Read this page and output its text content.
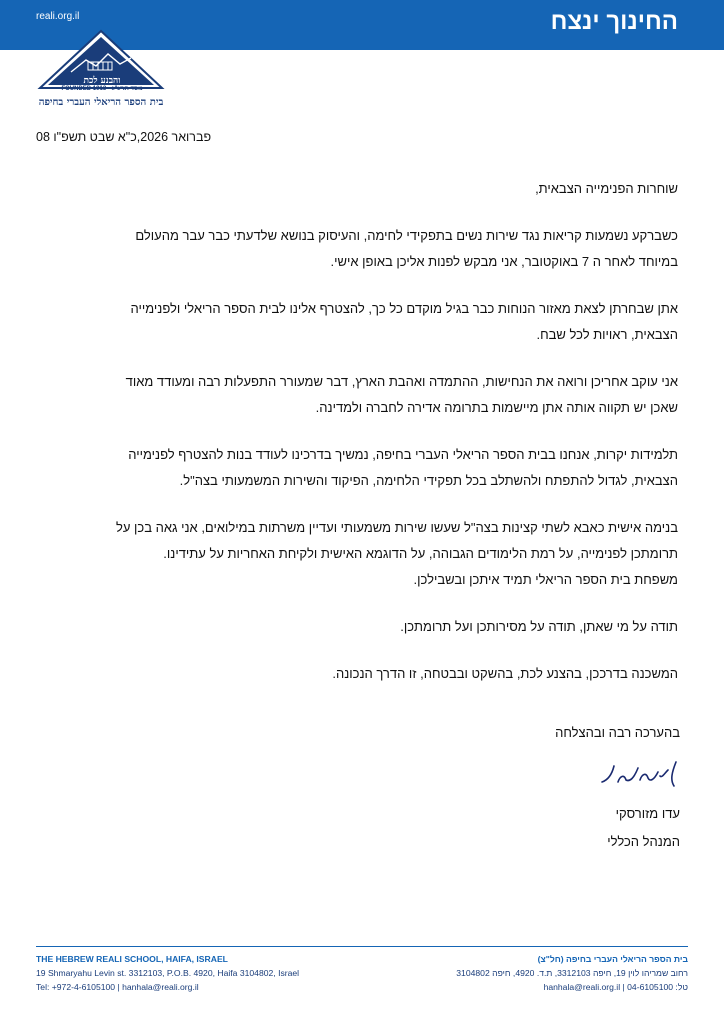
reali.org.il	החינוך ינצח
והבנע לכת
FOUNDED 1913 • נוסד תרע"ג
בית הספר הריאלי העברי בחיפה
08 פברואר 2026,כ"א שבט תשפ"ו

שוחרות הפנימייה הצבאית,

כשברקע נשמעות קריאות נגד שירות נשים בתפקידי לחימה, והעיסוק בנושא שלדעתי כבר עבר מהעולם

במיוחד לאחר ה 7 באוקטובר, אני מבקש לפנות אליכן באופן אישי.

אתן שבחרתן לצאת מאזור הנוחות כבר בגיל מוקדם כל כך, להצטרף אלינו לבית הספר הריאלי ולפנימייה

הצבאית, ראויות לכל שבח.

אני עוקב אחריכן ורואה את הנחישות, ההתמדה ואהבת הארץ, דבר שמעורר התפעלות רבה ומעודד מאוד

שאכן יש תקווה אותה אתן מיישמות בתרומה אדירה לחברה ולמדינה.

תלמידות יקרות, אנחנו בבית הספר הריאלי העברי בחיפה, נמשיך בדרכינו לעודד בנות להצטרף לפנימייה

הצבאית, לגדול להתפתח ולהשתלב בכל תפקידי הלחימה, הפיקוד והשירות המשמעותי בצה"ל.

בנימה אישית כאבא לשתי קצינות בצה"ל שעשו שירות משמעותי ועדיין משרתות במילואים, אני גאה בכן על

תרומתכן לפנימייה, על רמת הלימודים הגבוהה, על הדוגמא האישית ולקיחת האחריות על עתידינו.

משפחת בית הספר הריאלי תמיד איתכן ובשבילכן.

תודה על מי שאתן, תודה על מסירותכן ועל תרומתכן.

המשכנה בדרככן, בהצנע לכת, בהשקט ובבטחה, זו הדרך הנכונה.

בהערכה רבה ובהצלחה
עדו מזורסקי
המנהל הכללי
THE HEBREW REALI SCHOOL, HAIFA, ISRAEL
19 Shmaryahu Levin st. 3312103, P.O.B. 4920, Haifa 3104802, Israel
Tel: +972-4-6105100 | hanhala@reali.org.il
בית הספר הריאלי העברי בחיפה (חל"צ)
רחוב שמריהו לוין 19, חיפה 3312103, ת.ד. 4920, חיפה 3104802
טל: 04-6105100 | hanhala@reali.org.il
